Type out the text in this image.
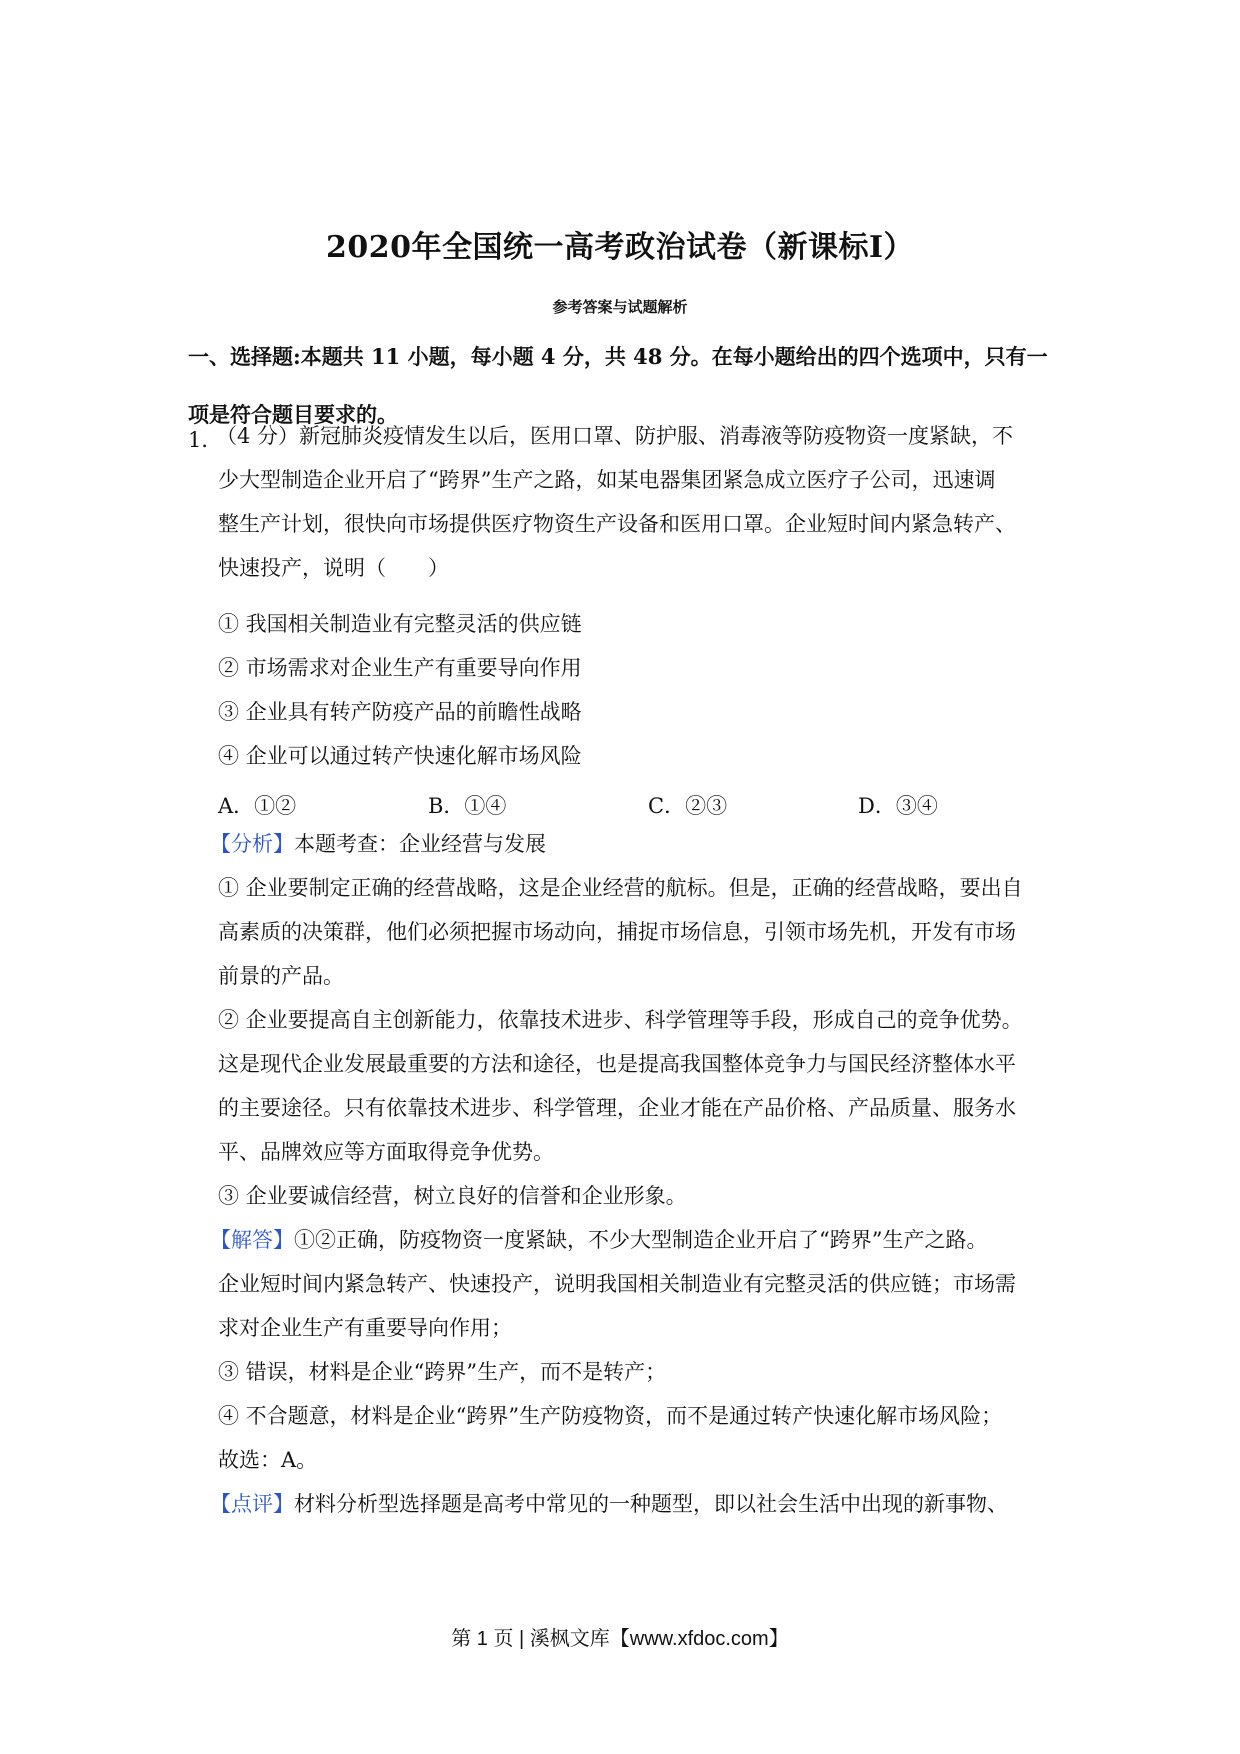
2020年全国统一高考政治试卷（新课标Ⅰ）
参考答案与试题解析
一、选择题:本题共 11 小题，每小题 4 分，共 48 分。在每小题给出的四个选项中，只有一
项是符合题目要求的。
1．
（4 分）新冠肺炎疫情发生以后，医用口罩、防护服、消毒液等防疫物资一度紧缺，不
少大型制造企业开启了“跨界”生产之路，如某电器集团紧急成立医疗子公司，迅速调
整生产计划，很快向市场提供医疗物资生产设备和医用口罩。企业短时间内紧急转产、
快速投产，说明（　　）
① 我国相关制造业有完整灵活的供应链
② 市场需求对企业生产有重要导向作用
③ 企业具有转产防疫产品的前瞻性战略
④ 企业可以通过转产快速化解市场风险
A．①②	B．①④	C．②③	D．③④
【分析】本题考查：企业经营与发展
① 企业要制定正确的经营战略，这是企业经营的航标。但是，正确的经营战略，要出自
高素质的决策群，他们必须把握市场动向，捕捉市场信息，引领市场先机，开发有市场
前景的产品。
② 企业要提高自主创新能力，依靠技术进步、科学管理等手段，形成自己的竞争优势。
这是现代企业发展最重要的方法和途径，也是提高我国整体竞争力与国民经济整体水平
的主要途径。只有依靠技术进步、科学管理，企业才能在产品价格、产品质量、服务水
平、品牌效应等方面取得竞争优势。
③ 企业要诚信经营，树立良好的信誉和企业形象。
【解答】①②正确，防疫物资一度紧缺，不少大型制造企业开启了“跨界”生产之路。
企业短时间内紧急转产、快速投产，说明我国相关制造业有完整灵活的供应链；市场需
求对企业生产有重要导向作用；
③ 错误，材料是企业“跨界”生产，而不是转产；
④ 不合题意，材料是企业“跨界”生产防疫物资，而不是通过转产快速化解市场风险；
故选：A。
【点评】材料分析型选择题是高考中常见的一种题型，即以社会生活中出现的新事物、
第 1 页 | 溪枫文库【www.xfdoc.com】
